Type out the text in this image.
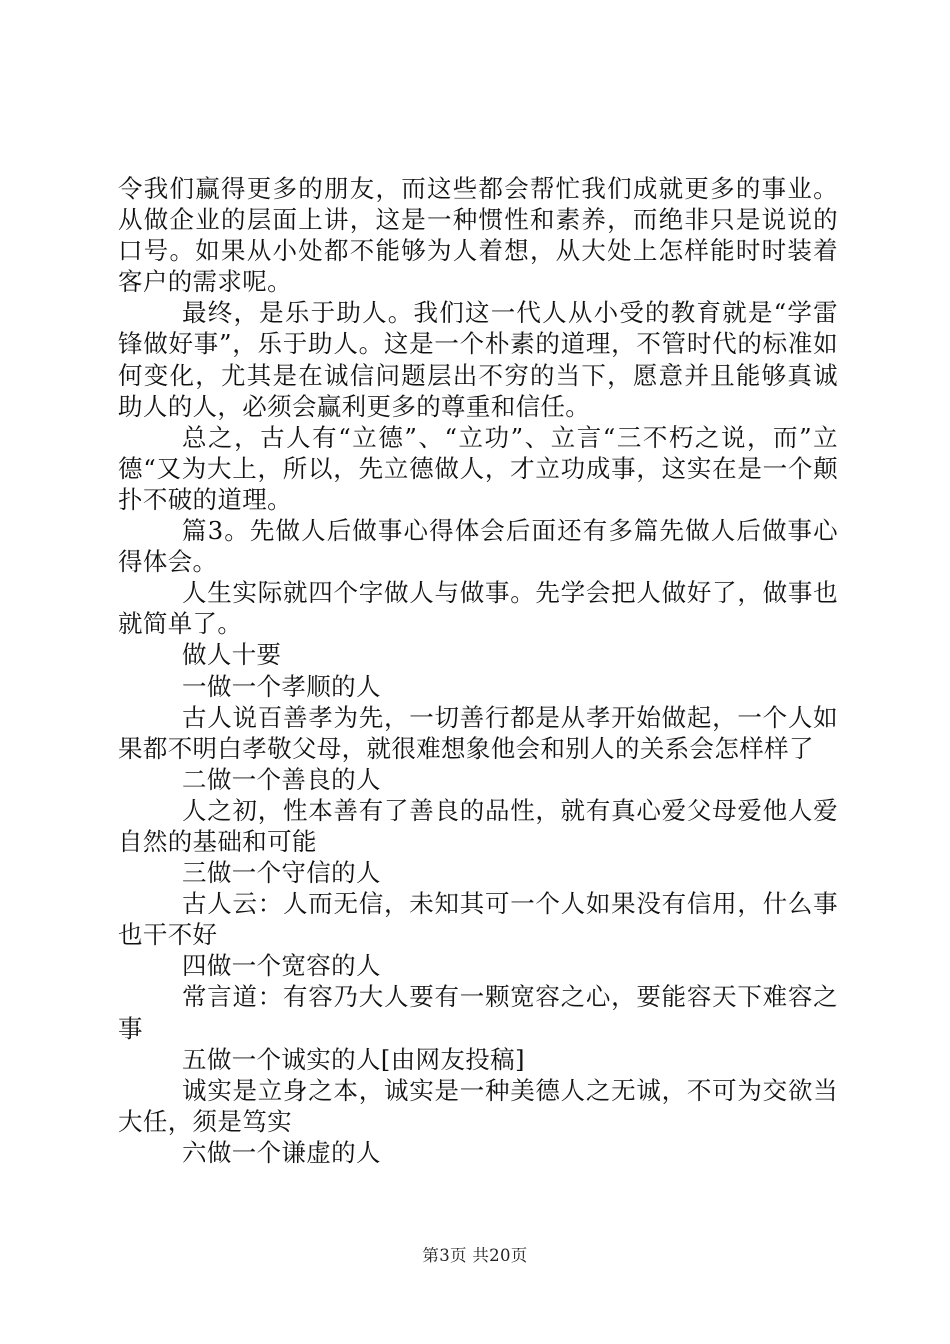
令我们赢得更多的朋友，而这些都会帮忙我们成就更多的事业。从做企业的层面上讲，这是一种惯性和素养，而绝非只是说说的口号。如果从小处都不能够为人着想，从大处上怎样能时时装着客户的需求呢。

最终，是乐于助人。我们这一代人从小受的教育就是“学雷锋做好事”，乐于助人。这是一个朴素的道理，不管时代的标准如何变化，尤其是在诚信问题层出不穷的当下，愿意并且能够真诚助人的人，必须会赢利更多的尊重和信任。

总之，古人有“立德”、“立功”、立言“三不朽之说，而”立德“又为大上，所以，先立德做人，才立功成事，这实在是一个颠扑不破的道理。

篇3。先做人后做事心得体会后面还有多篇先做人后做事心得体会。

人生实际就四个字做人与做事。先学会把人做好了，做事也就简单了。

做人十要

一做一个孝顺的人

古人说百善孝为先，一切善行都是从孝开始做起，一个人如果都不明白孝敬父母，就很难想象他会和别人的关系会怎样样了

二做一个善良的人

人之初，性本善有了善良的品性，就有真心爱父母爱他人爱自然的基础和可能

三做一个守信的人

古人云：人而无信，未知其可一个人如果没有信用，什么事也干不好

四做一个宽容的人

常言道：有容乃大人要有一颗宽容之心，要能容天下难容之事

五做一个诚实的人[由网友投稿]

诚实是立身之本，诚实是一种美德人之无诚，不可为交欲当大任，须是笃实

六做一个谦虚的人

第3页 共20页
